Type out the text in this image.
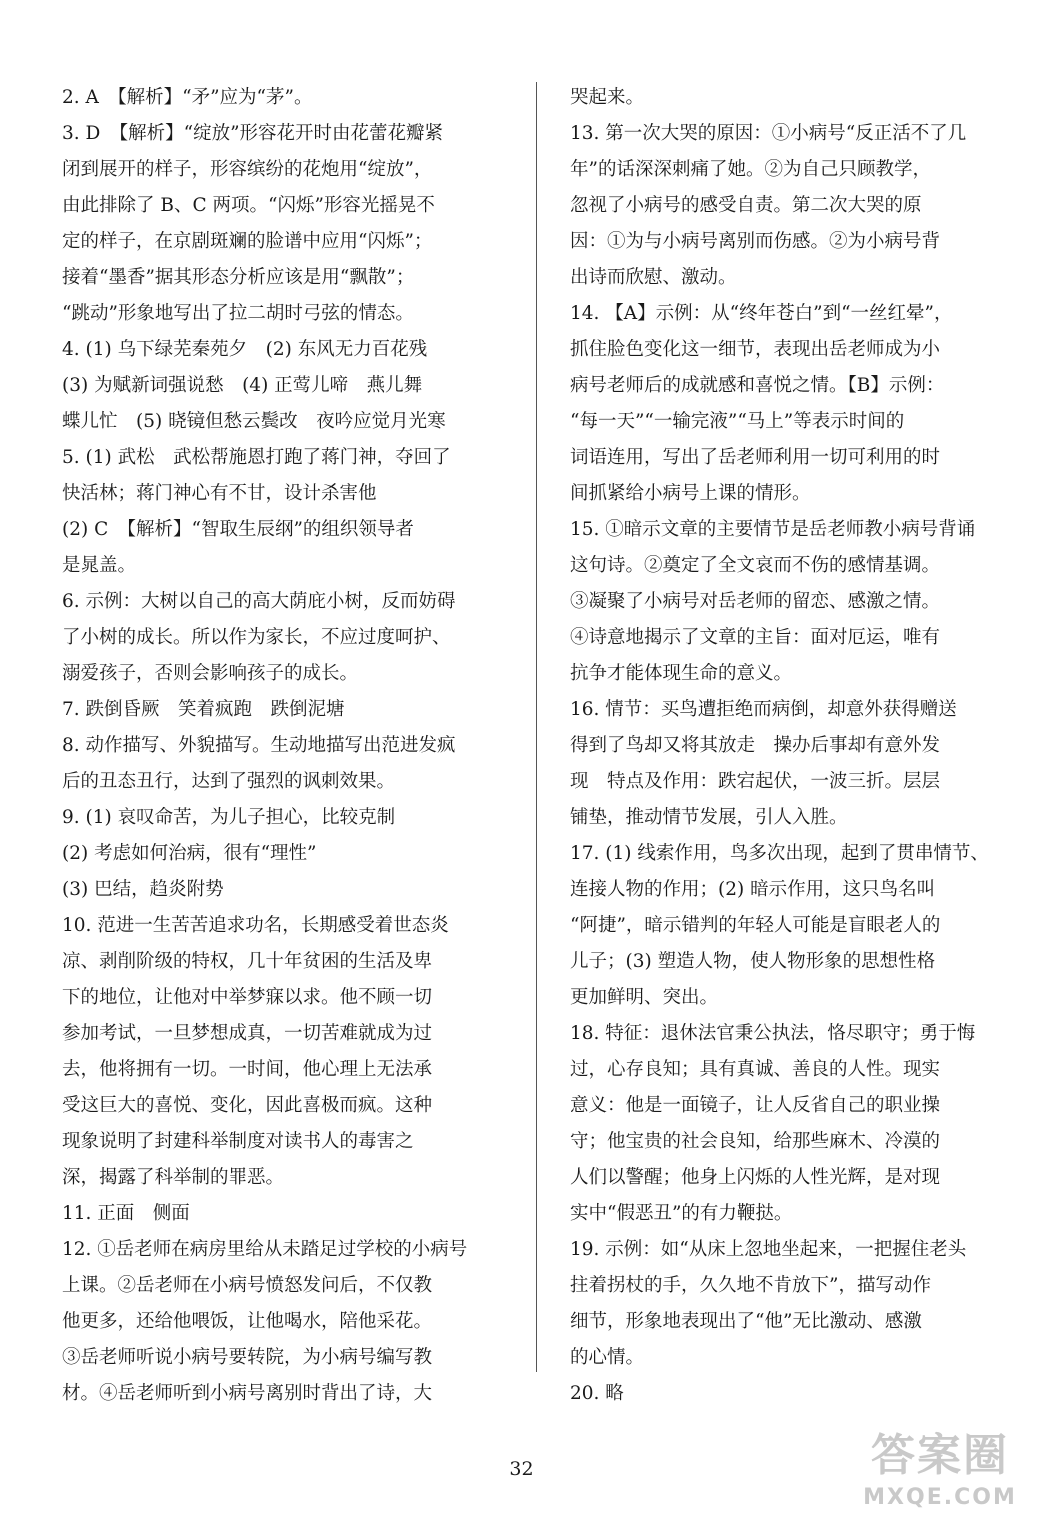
2. A　【解析】“矛”应为“茅”。
3. D　【解析】“绽放”形容花开时由花蕾花瓣紧
闭到展开的样子，形容缤纷的花炮用“绽放”，
由此排除了 B、C 两项。“闪烁”形容光摇晃不
定的样子，在京剧斑斓的脸谱中应用“闪烁”；
接着“墨香”据其形态分析应该是用“飘散”；
“跳动”形象地写出了拉二胡时弓弦的情态。
4. (1) 乌下绿芜秦苑夕　(2) 东风无力百花残
(3) 为赋新词强说愁　(4) 正莺儿啼　燕儿舞
蝶儿忙　(5) 晓镜但愁云鬓改　夜吟应觉月光寒
5. (1) 武松　武松帮施恩打跑了蒋门神，夺回了
快活林；蒋门神心有不甘，设计杀害他
(2) C　【解析】“智取生辰纲”的组织领导者
是晁盖。
6. 示例：大树以自己的高大荫庇小树，反而妨碍
了小树的成长。所以作为家长，不应过度呵护、
溺爱孩子，否则会影响孩子的成长。
7. 跌倒昏厥　笑着疯跑　跌倒泥塘
8. 动作描写、外貌描写。生动地描写出范进发疯
后的丑态丑行，达到了强烈的讽刺效果。
9. (1) 哀叹命苦，为儿子担心，比较克制
(2) 考虑如何治病，很有“理性”
(3) 巴结，趋炎附势
10. 范进一生苦苦追求功名，长期感受着世态炎
凉、剥削阶级的特权，几十年贫困的生活及卑
下的地位，让他对中举梦寐以求。他不顾一切
参加考试，一旦梦想成真，一切苦难就成为过
去，他将拥有一切。一时间，他心理上无法承
受这巨大的喜悦、变化，因此喜极而疯。这种
现象说明了封建科举制度对读书人的毒害之
深，揭露了科举制的罪恶。
11. 正面　侧面
12. ①岳老师在病房里给从未踏足过学校的小病号
上课。②岳老师在小病号愤怒发问后，不仅教
他更多，还给他喂饭，让他喝水，陪他采花。
③岳老师听说小病号要转院，为小病号编写教
材。④岳老师听到小病号离别时背出了诗，大
哭起来。
13. 第一次大哭的原因：①小病号“反正活不了几
年”的话深深刺痛了她。②为自己只顾教学，
忽视了小病号的感受自责。第二次大哭的原
因：①为与小病号离别而伤感。②为小病号背
出诗而欣慰、激动。
14. 【A】示例：从“终年苍白”到“一丝红晕”，
抓住脸色变化这一细节，表现出岳老师成为小
病号老师后的成就感和喜悦之情。【B】示例：
“每一天”“一输完液”“马上”等表示时间的
词语连用，写出了岳老师利用一切可利用的时
间抓紧给小病号上课的情形。
15. ①暗示文章的主要情节是岳老师教小病号背诵
这句诗。②奠定了全文哀而不伤的感情基调。
③凝聚了小病号对岳老师的留恋、感激之情。
④诗意地揭示了文章的主旨：面对厄运，唯有
抗争才能体现生命的意义。
16. 情节：买鸟遭拒绝而病倒，却意外获得赠送
得到了鸟却又将其放走　操办后事却有意外发
现　特点及作用：跌宕起伏，一波三折。层层
铺垫，推动情节发展，引人入胜。
17. (1) 线索作用，鸟多次出现，起到了贯串情节、
连接人物的作用；(2) 暗示作用，这只鸟名叫
“阿捷”，暗示错判的年轻人可能是盲眼老人的
儿子；(3) 塑造人物，使人物形象的思想性格
更加鲜明、突出。
18. 特征：退休法官秉公执法，恪尽职守；勇于悔
过，心存良知；具有真诚、善良的人性。现实
意义：他是一面镜子，让人反省自己的职业操
守；他宝贵的社会良知，给那些麻木、冷漠的
人们以警醒；他身上闪烁的人性光辉，是对现
实中“假恶丑”的有力鞭挞。
19. 示例：如“从床上忽地坐起来，一把握住老头
拄着拐杖的手，久久地不肯放下”，描写动作
细节，形象地表现出了“他”无比激动、感激
的心情。
20. 略
32	答案圈
MXQE.COM
